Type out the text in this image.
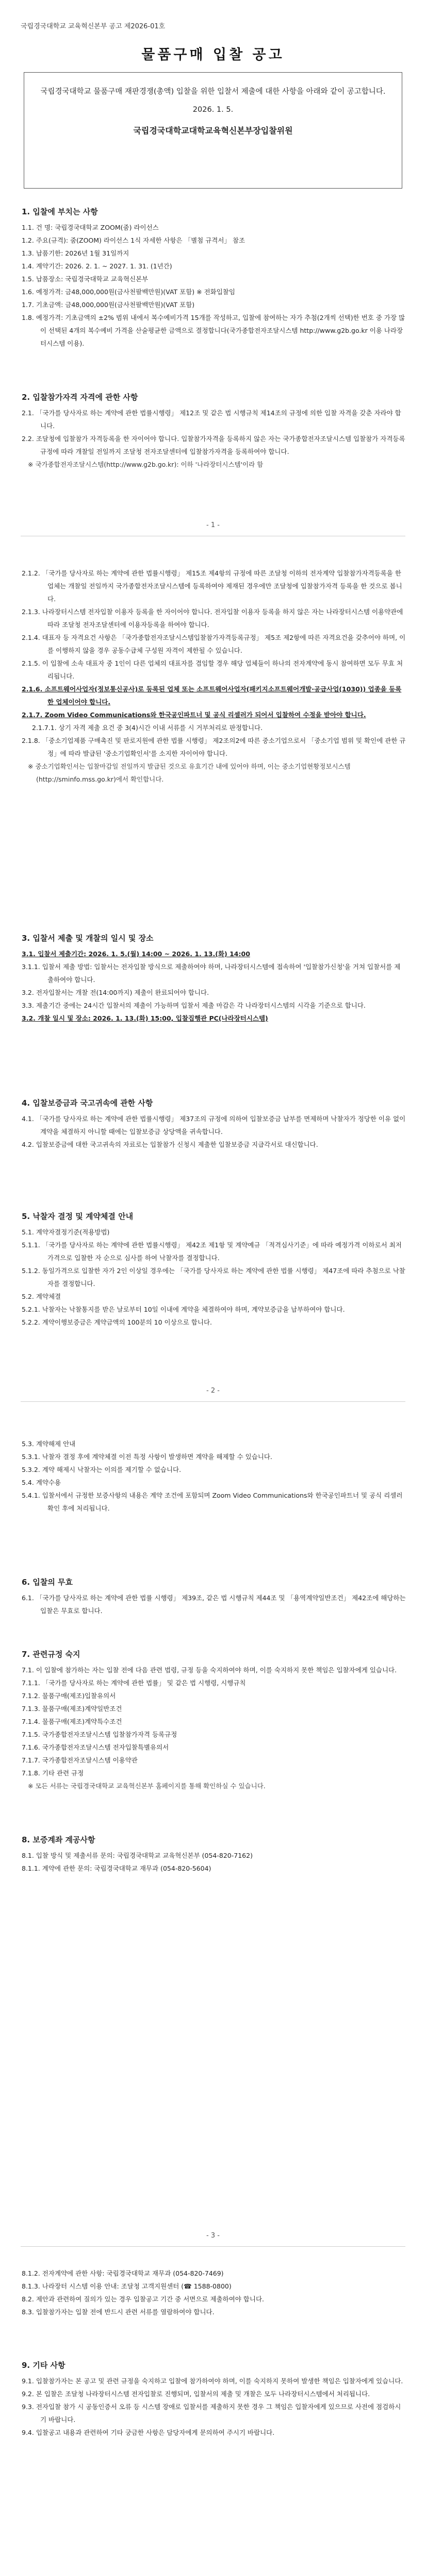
국립경국대학교 교육혁신본부 공고 제2026-01호
물품구매 입찰 공고
국립경국대학교 물품구매 재판경쟁(총액) 입찰을 위한 입찰서 제출에 대한 사항을 아래와 같이 공고합니다.
2026. 1. 5.
국립경국대학교대학교육혁신본부장입찰위원
1. 입찰에 부치는 사항
1.1. 건 명: 국립경국대학교 ZOOM(줌) 라이선스
1.2. 주요(규격): 줌(ZOOM) 라이선스 1식 자세한 사항은 「별첨 규격서」 참조
1.3. 납품기한: 2026년 1월 31일까지
1.4. 계약기간: 2026. 2. 1. ~ 2027. 1. 31. (1년간)
1.5. 납품장소: 국립경국대학교 교육혁신본부
1.6. 예정가격: 금48,000,000원(금사천팔백만원)(VAT 포함) ※ 전화입찰임
1.7. 기초금액: 금48,000,000원(금사천팔백만원)(VAT 포함)
1.8. 예정가격: 기초금액의 ±2% 범위 내에서 복수예비가격 15개를 작성하고, 입찰에 참여하는 자가 추첨(2개씩 선택)한 번호 중 가장 많이 선택된 4개의 복수예비 가격을 산술평균한 금액으로 결정합니다(국가종합전자조달시스템 http://www.g2b.go.kr 이용 나라장터시스템 이용).
2. 입찰참가자격 자격에 관한 사항
2.1. 「국가를 당사자로 하는 계약에 관한 법률시행령」 제12조 및 같은 법 시행규칙 제14조의 규정에 의한 입찰 자격을 갖춘 자라야 합니다.
2.2. 조달청에 입찰참가 자격등록을 한 자이어야 합니다. 입찰참가자격을 등록하지 않은 자는 국가종합전자조달시스템 입찰참가 자격등록 규정에 따라 개찰일 전일까지 조달청 전자조달센터에 입찰참가자격을 등록하여야 합니다.
※ 국가종합전자조달시스템(http://www.g2b.go.kr): 이하 '나라장터시스템'이라 함
- 1 -
2.1.2. 「국가를 당사자로 하는 계약에 관한 법률시행령」 제15조 제4항의 규정에 따른 조달청 이하의 전자계약 입찰참가자격등록을 한 업체는 개찰일 전일까지 국가종합전자조달시스템에 등록하여야 제재된 경우에만 조달청에 입찰참가자격 등록을 한 것으로 봅니다.
2.1.3. 나라장터시스템 전자입찰 이용자 등록을 한 자이어야 합니다. 전자입찰 이용자 등록을 하지 않은 자는 나라장터시스템 이용약관에 따라 조달청 전자조달센터에 이용자등록을 하여야 합니다.
2.1.4. 대표자 등 자격요건 사항은 「국가종합전자조달시스템입찰참가자격등록규정」 제5조 제2항에 따른 자격요건을 갖추어야 하며, 이를 이행하지 않을 경우 공동수급체 구성원 자격이 제한될 수 있습니다.
2.1.5. 이 입찰에 소속 대표자 중 1인이 다른 업체의 대표자를 겸임할 경우 해당 업체들이 하나의 전자계약에 동시 참여하면 모두 무효 처리됩니다.
2.1.6. 소프트웨어사업자(정보통신공사)로 등록된 업체 또는 소프트웨어사업자(패키지소프트웨어개발·공급사업(1030)) 업종을 등록한 업체이어야 합니다.
2.1.7. Zoom Video Communications와 한국공인파트너 및 공식 리셀러가 되어서 입찰하여 수정을 받아야 합니다.
2.1.7.1. 상기 자격 제출 요건 중 3(4)시간 이내 서류를 시 거부처리로 판정합니다.
2.1.8. 「중소기업제품 구매촉진 및 판로지원에 관한 법률 시행령」 제2조의2에 따른 중소기업으로서 「중소기업 범위 및 확인에 관한 규정」에 따라 발급된 '중소기업확인서'를 소지한 자이어야 합니다.
※ 중소기업확인서는 입찰마감일 전일까지 발급된 것으로 유효기간 내에 있어야 하며, 이는 중소기업현황정보시스템(http://sminfo.mss.go.kr)에서 확인합니다.
3. 입찰서 제출 및 개찰의 일시 및 장소
3.1. 입찰서 제출기간: 2026. 1. 5.(월) 14:00 ~ 2026. 1. 13.(화) 14:00
3.1.1. 입찰서 제출 방법: 입찰서는 전자입찰 방식으로 제출하여야 하며, 나라장터시스템에 접속하여 '입찰참가신청'을 거쳐 입찰서를 제출하여야 합니다.
3.2. 전자입찰서는 개찰 전(14:00까지) 제출이 완료되어야 합니다.
3.3. 제출기간 중에는 24시간 입찰서의 제출이 가능하며 입찰서 제출 마감은 각 나라장터시스템의 시각을 기준으로 합니다.
3.2. 개찰 일시 및 장소: 2026. 1. 13.(화) 15:00, 입찰집행관 PC(나라장터시스템)
4. 입찰보증금과 국고귀속에 관한 사항
4.1. 「국가를 당사자로 하는 계약에 관한 법률시행령」 제37조의 규정에 의하여 입찰보증금 납부를 면제하며 낙찰자가 정당한 이유 없이 계약을 체결하지 아니할 때에는 입찰보증금 상당액을 귀속합니다.
4.2. 입찰보증금에 대한 국고귀속의 자료로는 입찰참가 신청시 제출한 입찰보증금 지급각서로 대신합니다.
5. 낙찰자 결정 및 계약체결 안내
5.1. 계약자결정기준(적용방법)
5.1.1. 「국가를 당사자로 하는 계약에 관한 법률시행령」 제42조 제1항 및 계약예규 「적격심사기준」에 따라 예정가격 이하로서 최저가격으로 입찰한 자 순으로 심사를 하여 낙찰자를 결정합니다.
5.1.2. 동일가격으로 입찰한 자가 2인 이상일 경우에는 「국가를 당사자로 하는 계약에 관한 법률 시행령」 제47조에 따라 추첨으로 낙찰자를 결정합니다.
5.2. 계약체결
5.2.1. 낙찰자는 낙찰통지를 받은 날로부터 10일 이내에 계약을 체결하여야 하며, 계약보증금을 납부하여야 합니다.
5.2.2. 계약이행보증금은 계약금액의 100분의 10 이상으로 합니다.
- 2 -
5.3. 계약해제 안내
5.3.1. 낙찰자 결정 후에 계약체결 이전 특정 사항이 발생하면 계약을 해제할 수 있습니다.
5.3.2. 계약 해제시 낙찰자는 이의를 제기할 수 없습니다.
5.4. 계약수용
5.4.1. 입찰서에서 규정한 보증사항의 내용은 계약 조건에 포함되며 Zoom Video Communications와 한국공인파트너 및 공식 리셀러 확인 후에 처리됩니다.
6. 입찰의 무효
6.1. 「국가를 당사자로 하는 계약에 관한 법률 시행령」 제39조, 같은 법 시행규칙 제44조 및 「용역계약일반조건」 제42조에 해당하는 입찰은 무효로 합니다.
7. 관련규정 숙지
7.1. 이 입찰에 참가하는 자는 입찰 전에 다음 관련 법령, 규정 등을 숙지하여야 하며, 이를 숙지하지 못한 책임은 입찰자에게 있습니다.
7.1.1. 「국가를 당사자로 하는 계약에 관한 법률」 및 같은 법 시행령, 시행규칙
7.1.2. 물품구매(제조)입찰유의서
7.1.3. 물품구매(제조)계약일반조건
7.1.4. 물품구매(제조)계약특수조건
7.1.5. 국가종합전자조달시스템 입찰참가자격 등록규정
7.1.6. 국가종합전자조달시스템 전자입찰특별유의서
7.1.7. 국가종합전자조달시스템 이용약관
7.1.8. 기타 관련 규정
※ 모든 서류는 국립경국대학교 교육혁신본부 홈페이지를 통해 확인하실 수 있습니다.
8. 보증계좌 계공사항
8.1. 입찰 방식 및 제출서류 문의: 국립경국대학교 교육혁신본부 (054-820-7162)
8.1.1. 계약에 관한 문의: 국립경국대학교 재무과 (054-820-5604)
- 3 -
8.1.2. 전자계약에 관한 사항: 국립경국대학교 재무과 (054-820-7469)
8.1.3. 나라장터 시스템 이용 안내: 조달청 고객지원센터 (☎ 1588-0800)
8.2. 제안과 관련하여 질의가 있는 경우 입찰공고 기간 중 서면으로 제출하여야 합니다.
8.3. 입찰참가자는 입찰 전에 반드시 관련 서류를 열람하여야 합니다.
9. 기타 사항
9.1. 입찰참가자는 본 공고 및 관련 규정을 숙지하고 입찰에 참가하여야 하며, 이를 숙지하지 못하여 발생한 책임은 입찰자에게 있습니다.
9.2. 본 입찰은 조달청 나라장터시스템 전자입찰로 진행되며, 입찰서의 제출 및 개찰은 모두 나라장터시스템에서 처리됩니다.
9.3. 전자입찰 참가 시 공동인증서 오류 등 시스템 장애로 입찰서를 제출하지 못한 경우 그 책임은 입찰자에게 있으므로 사전에 점검하시기 바랍니다.
9.4. 입찰공고 내용과 관련하여 기타 궁금한 사항은 담당자에게 문의하여 주시기 바랍니다.
